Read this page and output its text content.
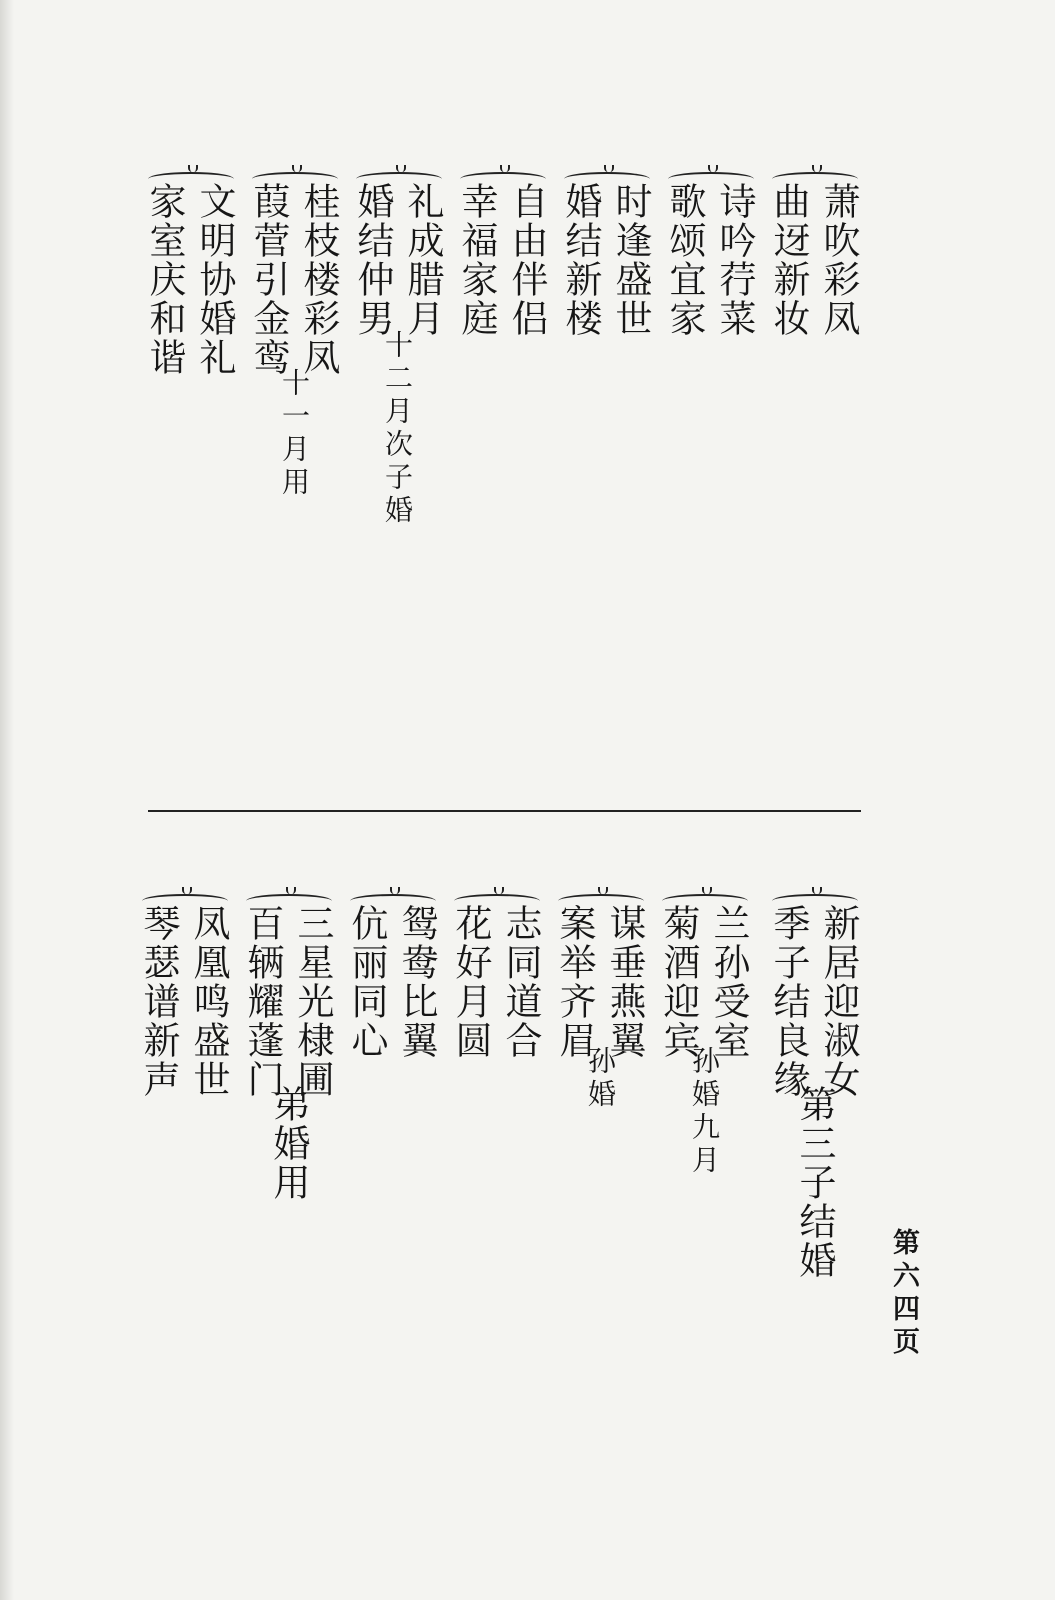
萧吹彩凤
曲迓新妆
诗吟荇菜
歌颂宜家
时逢盛世
婚结新楼
自由伴侣
幸福家庭
礼成腊月
婚结仲男
十二月次子婚
桂枝楼彩凤
葭菅引金鸾
十一月用
文明协婚礼
家室庆和谐
新居迎淑女
季子结良缘
第三子结婚
兰孙受室
菊酒迎宾
孙婚九月
谋垂燕翼
案举齐眉
孙婚
志同道合
花好月圆
鸳鸯比翼
伉丽同心
三星光棣圃
百辆耀蓬门
弟婚用
凤凰鸣盛世
琴瑟谱新声
第六四页
